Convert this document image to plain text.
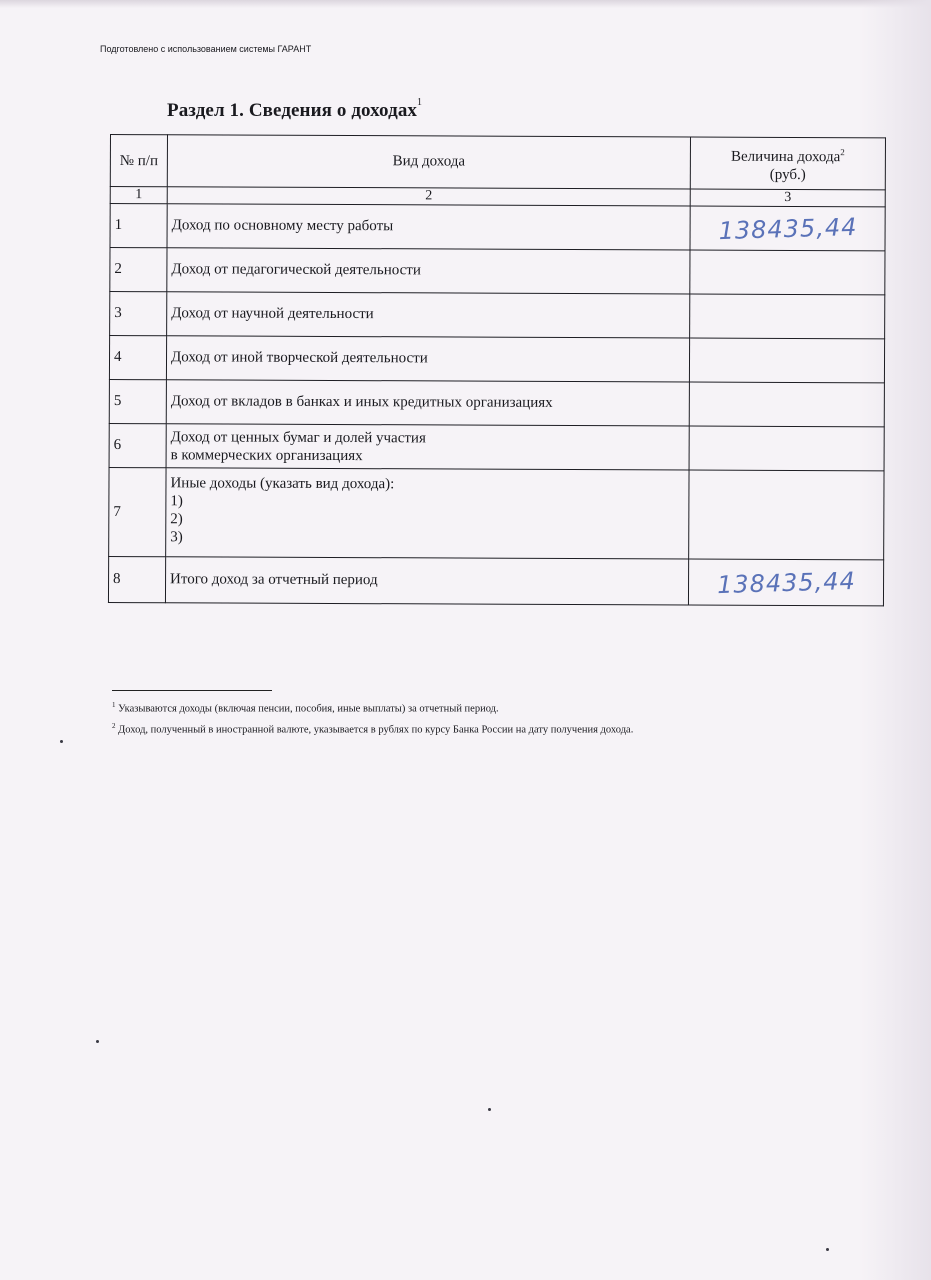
Подготовлено с использованием системы ГАРАНТ
Раздел 1. Сведения о доходах$^1$
№ п/п	Вид дохода	Величина дохода$^2$
(руб.)
1	2	3
1	Доход по основному месту работы	138435,44
2	Доход от педагогической деятельности	
3	Доход от научной деятельности	
4	Доход от иной творческой деятельности	
5	Доход от вкладов в банках и иных кредитных организациях	
6	Доход от ценных бумаг и долей участия
в коммерческих организациях	
7	Иные доходы (указать вид дохода):
1)
2)
3)	
8	Итого доход за отчетный период	138435,44
$^1$ Указываются доходы (включая пенсии, пособия, иные выплаты) за отчетный период.
$^2$ Доход, полученный в иностранной валюте, указывается в рублях по курсу Банка России на дату получения дохода.
